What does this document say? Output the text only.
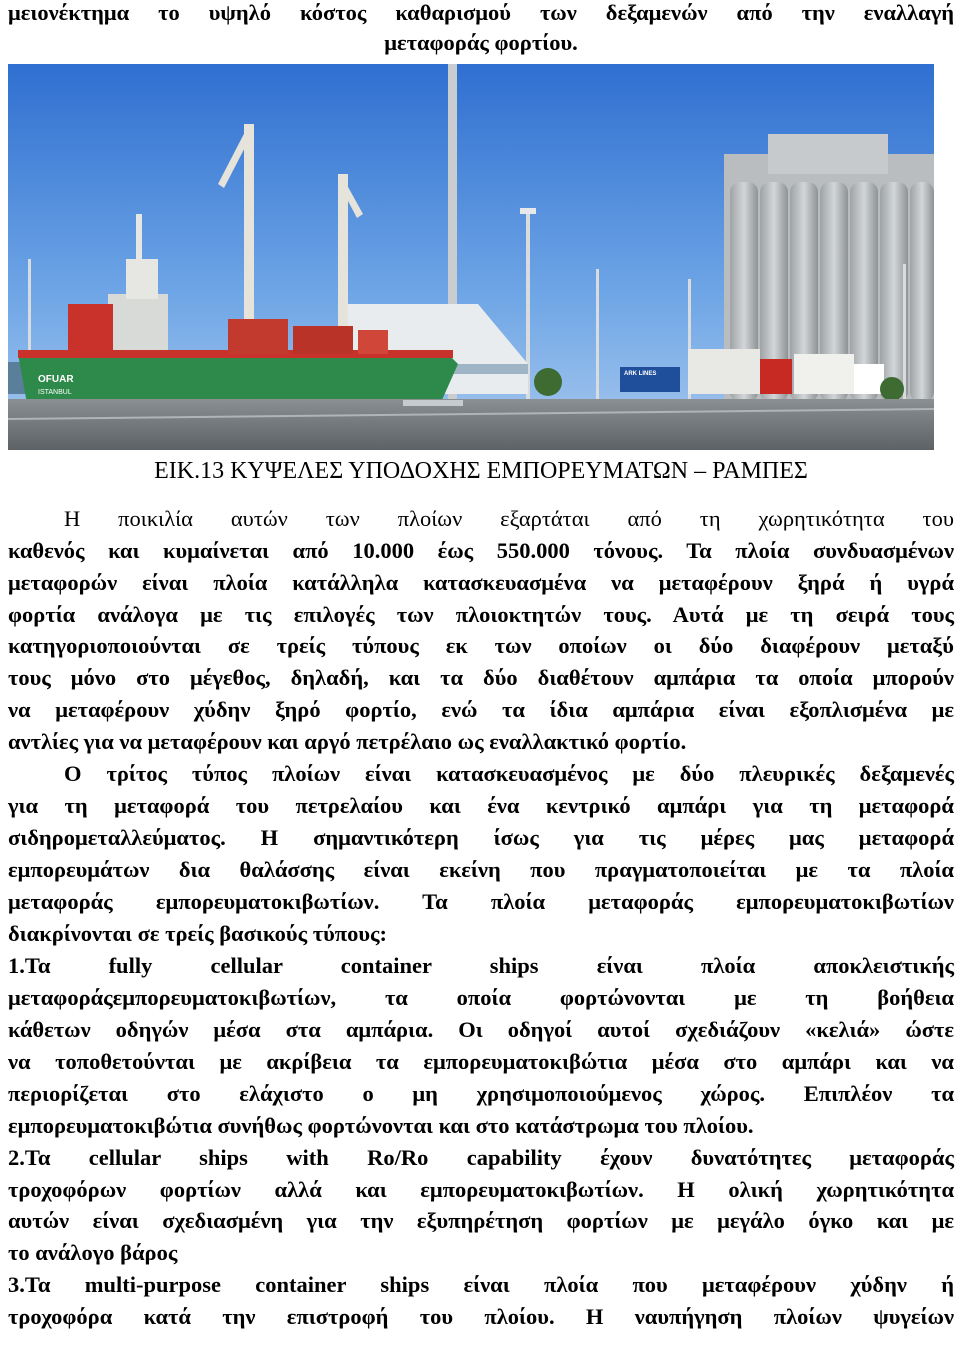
μειονέκτημα το υψηλό κόστος καθαρισμού των δεξαμενών από την εναλλαγή
μεταφοράς φορτίου.
OFUAR
ISTANBUL
ARK LINES
ΕΙΚ.13 ΚΥΨΕΛΕΣ ΥΠΟΔΟΧΗΣ ΕΜΠΟΡΕΥΜΑΤΩΝ – ΡΑΜΠΕΣ
Η ποικιλία αυτών των πλοίων εξαρτάται από τη χωρητικότητα του
καθενός και κυμαίνεται από 10.000 έως 550.000 τόνους. Τα πλοία συνδυασμένων
μεταφορών είναι πλοία κατάλληλα κατασκευασμένα να μεταφέρουν ξηρά ή υγρά
φορτία ανάλογα με τις επιλογές των πλοιοκτητών τους. Αυτά με τη σειρά τους
κατηγοριοποιούνται σε τρείς τύπους εκ των οποίων οι δύο διαφέρουν μεταξύ
τους μόνο στο μέγεθος, δηλαδή, και τα δύο διαθέτουν αμπάρια τα οποία μπορούν
να μεταφέρουν χύδην ξηρό φορτίο, ενώ τα ίδια αμπάρια είναι εξοπλισμένα με
αντλίες για να μεταφέρουν και αργό πετρέλαιο ως εναλλακτικό φορτίο.
Ο τρίτος τύπος πλοίων είναι κατασκευασμένος με δύο πλευρικές δεξαμενές
για τη μεταφορά του πετρελαίου και ένα κεντρικό αμπάρι για τη μεταφορά
σιδηρομεταλλεύματος. Η σημαντικότερη ίσως για τις μέρες μας μεταφορά
εμπορευμάτων δια θαλάσσης είναι εκείνη που πραγματοποιείται με τα πλοία
μεταφοράς εμπορευματοκιβωτίων. Τα πλοία μεταφοράς εμπορευματοκιβωτίων
διακρίνονται σε τρείς βασικούς τύπους:
1.Τα fully cellular container ships είναι πλοία αποκλειστικής
μεταφοράςεμπορευματοκιβωτίων, τα οποία φορτώνονται με τη βοήθεια
κάθετων οδηγών μέσα στα αμπάρια. Οι οδηγοί αυτοί σχεδιάζουν «κελιά» ώστε
να τοποθετούνται με ακρίβεια τα εμπορευματοκιβώτια μέσα στο αμπάρι και να
περιορίζεται στο ελάχιστο ο μη χρησιμοποιούμενος χώρος. Επιπλέον τα
εμπορευματοκιβώτια συνήθως φορτώνονται και στο κατάστρωμα του πλοίου.
2.Τα cellular ships with Ro/Ro capability έχουν δυνατότητες μεταφοράς
τροχοφόρων φορτίων αλλά και εμπορευματοκιβωτίων. Η ολική χωρητικότητα
αυτών είναι σχεδιασμένη για την εξυπηρέτηση φορτίων με μεγάλο όγκο και με
το ανάλογο βάρος
3.Τα multi-purpose container ships είναι πλοία που μεταφέρουν χύδην ή
τροχοφόρα κατά την επιστροφή του πλοίου. Η ναυπήγηση πλοίων ψυγείων
